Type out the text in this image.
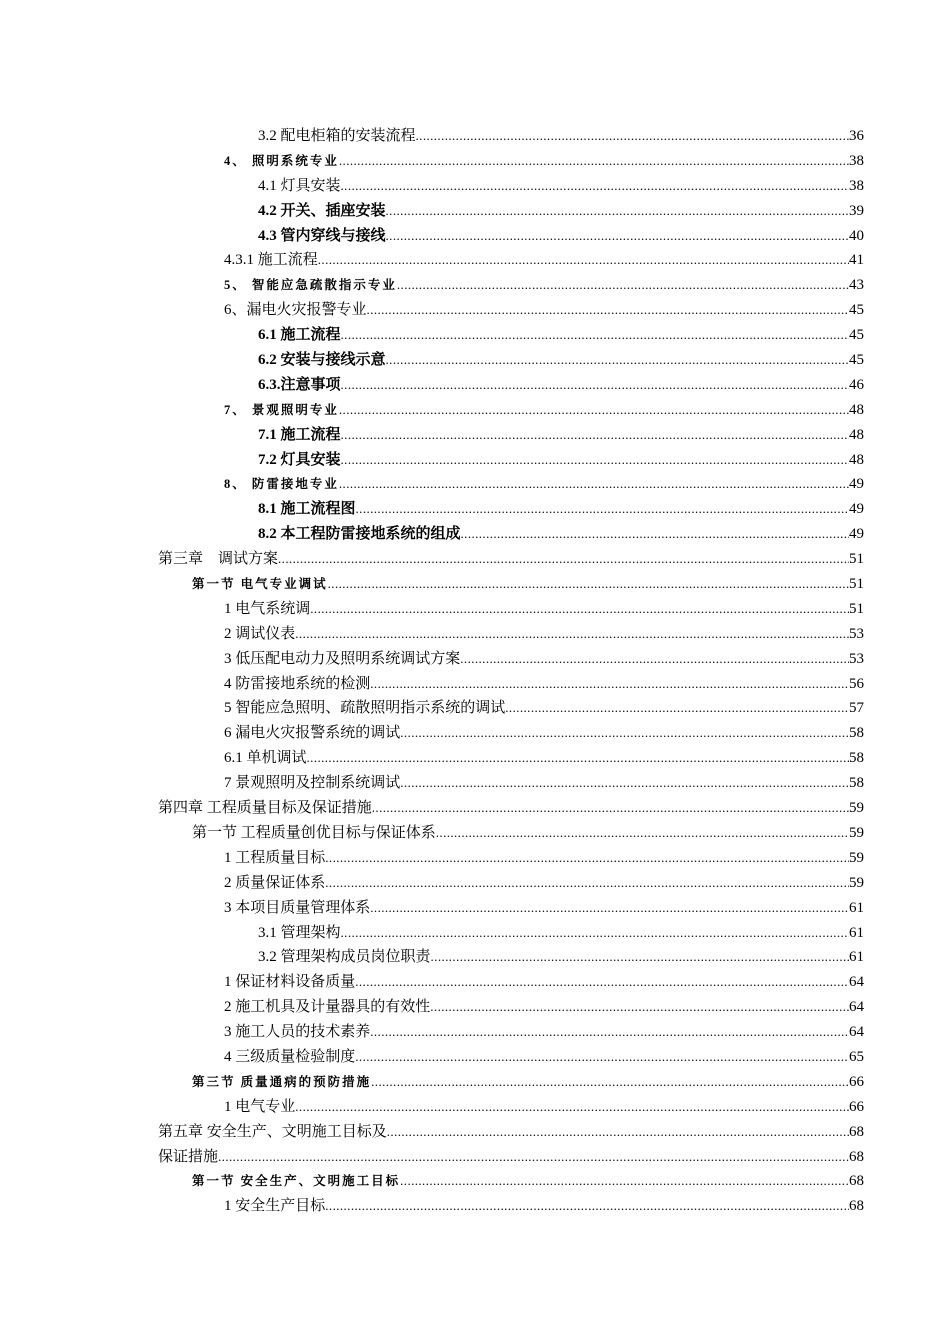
3.2 配电柜箱的安装流程 .....	36
4、 照明系统专业 .....	38
4.1 灯具安装 .....	38
4.2 开关、插座安装 .....	39
4.3 管内穿线与接线 .....	40
4.3.1 施工流程 .....	41
5、 智能应急疏散指示专业 .....	43
6、漏电火灾报警专业 .....	45
6.1 施工流程 .....	45
6.2 安装与接线示意 .....	45
6.3.注意事项 .....	46
7、 景观照明专业 .....	48
7.1 施工流程 .....	48
7.2 灯具安装 .....	48
8、 防雷接地专业 .....	49
8.1 施工流程图 .....	49
8.2 本工程防雷接地系统的组成 .....	49
第三章　调试方案 .....	51
第一节 电气专业调试 .....	51
1 电气系统调 .....	51
2 调试仪表 .....	53
3 低压配电动力及照明系统调试方案 .....	53
4 防雷接地系统的检测 .....	56
5 智能应急照明、疏散照明指示系统的调试 .....	57
6 漏电火灾报警系统的调试 .....	58
6.1 单机调试 .....	58
7 景观照明及控制系统调试 .....	58
第四章 工程质量目标及保证措施 .....	59
第一节 工程质量创优目标与保证体系 .....	59
1 工程质量目标 .....	59
2 质量保证体系 .....	59
3 本项目质量管理体系 .....	61
3.1 管理架构 .....	61
3.2 管理架构成员岗位职责 .....	61
1 保证材料设备质量 .....	64
2 施工机具及计量器具的有效性 .....	64
3 施工人员的技术素养 .....	64
4 三级质量检验制度 .....	65
第三节 质量通病的预防措施 .....	66
1 电气专业 .....	66
第五章 安全生产、文明施工目标及 .....	68
保证措施 .....	68
第一节 安全生产、文明施工目标 .....	68
1 安全生产目标 .....	68
